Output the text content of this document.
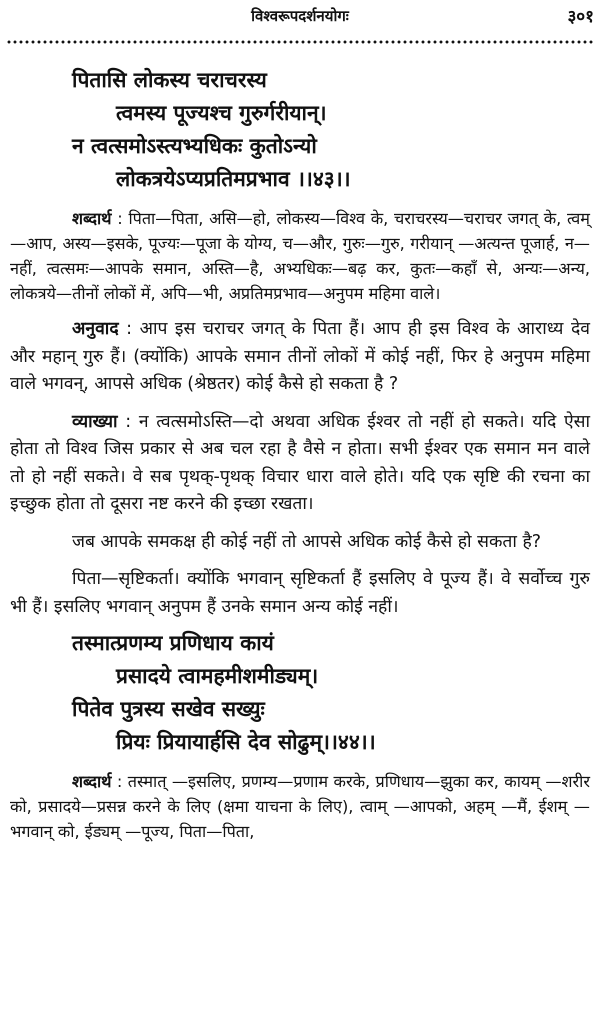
विश्वरूपदर्शनयोगः	३०१
पितासि लोकस्य चराचरस्य
त्वमस्य पूज्यश्च गुरुर्गरीयान्।
न त्वत्समोऽस्त्यभ्यधिकः कुतोऽन्यो
लोकत्रयेऽप्यप्रतिमप्रभाव ।।४३।।
शब्दार्थ : पिता—पिता, असि—हो, लोकस्य—विश्व के, चराचरस्य—चराचर जगत् के, त्वम् —आप, अस्य—इसके, पूज्यः—पूजा के योग्य, च—और, गुरुः—गुरु, गरीयान् —अत्यन्त पूजार्ह, न—नहीं, त्वत्समः—आपके समान, अस्ति—है, अभ्यधिकः—बढ़ कर, कुतः—कहाँ से, अन्यः—अन्य, लोकत्रये—तीनों लोकों में, अपि—भी, अप्रतिमप्रभाव—अनुपम महिमा वाले।
अनुवाद : आप इस चराचर जगत् के पिता हैं। आप ही इस विश्व के आराध्य देव और महान् गुरु हैं। (क्योंकि) आपके समान तीनों लोकों में कोई नहीं, फिर हे अनुपम महिमा वाले भगवन्, आपसे अधिक (श्रेष्ठतर) कोई कैसे हो सकता है ?
व्याख्या : न त्वत्समोऽस्ति—दो अथवा अधिक ईश्वर तो नहीं हो सकते। यदि ऐसा होता तो विश्व जिस प्रकार से अब चल रहा है वैसे न होता। सभी ईश्वर एक समान मन वाले तो हो नहीं सकते। वे सब पृथक्-पृथक् विचार धारा वाले होते। यदि एक सृष्टि की रचना का इच्छुक होता तो दूसरा नष्ट करने की इच्छा रखता।
जब आपके समकक्ष ही कोई नहीं तो आपसे अधिक कोई कैसे हो सकता है?
पिता—सृष्टिकर्ता। क्योंकि भगवान् सृष्टिकर्ता हैं इसलिए वे पूज्य हैं। वे सर्वोच्च गुरु भी हैं। इसलिए भगवान् अनुपम हैं उनके समान अन्य कोई नहीं।
तस्मात्प्रणम्य प्रणिधाय कायं
प्रसादये त्वामहमीशमीड्यम्।
पितेव पुत्रस्य सखेव सख्युः
प्रियः प्रियायार्हसि देव सोढुम्।।४४।।
शब्दार्थ : तस्मात् —इसलिए, प्रणम्य—प्रणाम करके, प्रणिधाय—झुका कर, कायम् —शरीर को, प्रसादये—प्रसन्न करने के लिए (क्षमा याचना के लिए), त्वाम् —आपको, अहम् —मैं, ईशम् —भगवान् को, ईड्यम् —पूज्य, पिता—पिता,
